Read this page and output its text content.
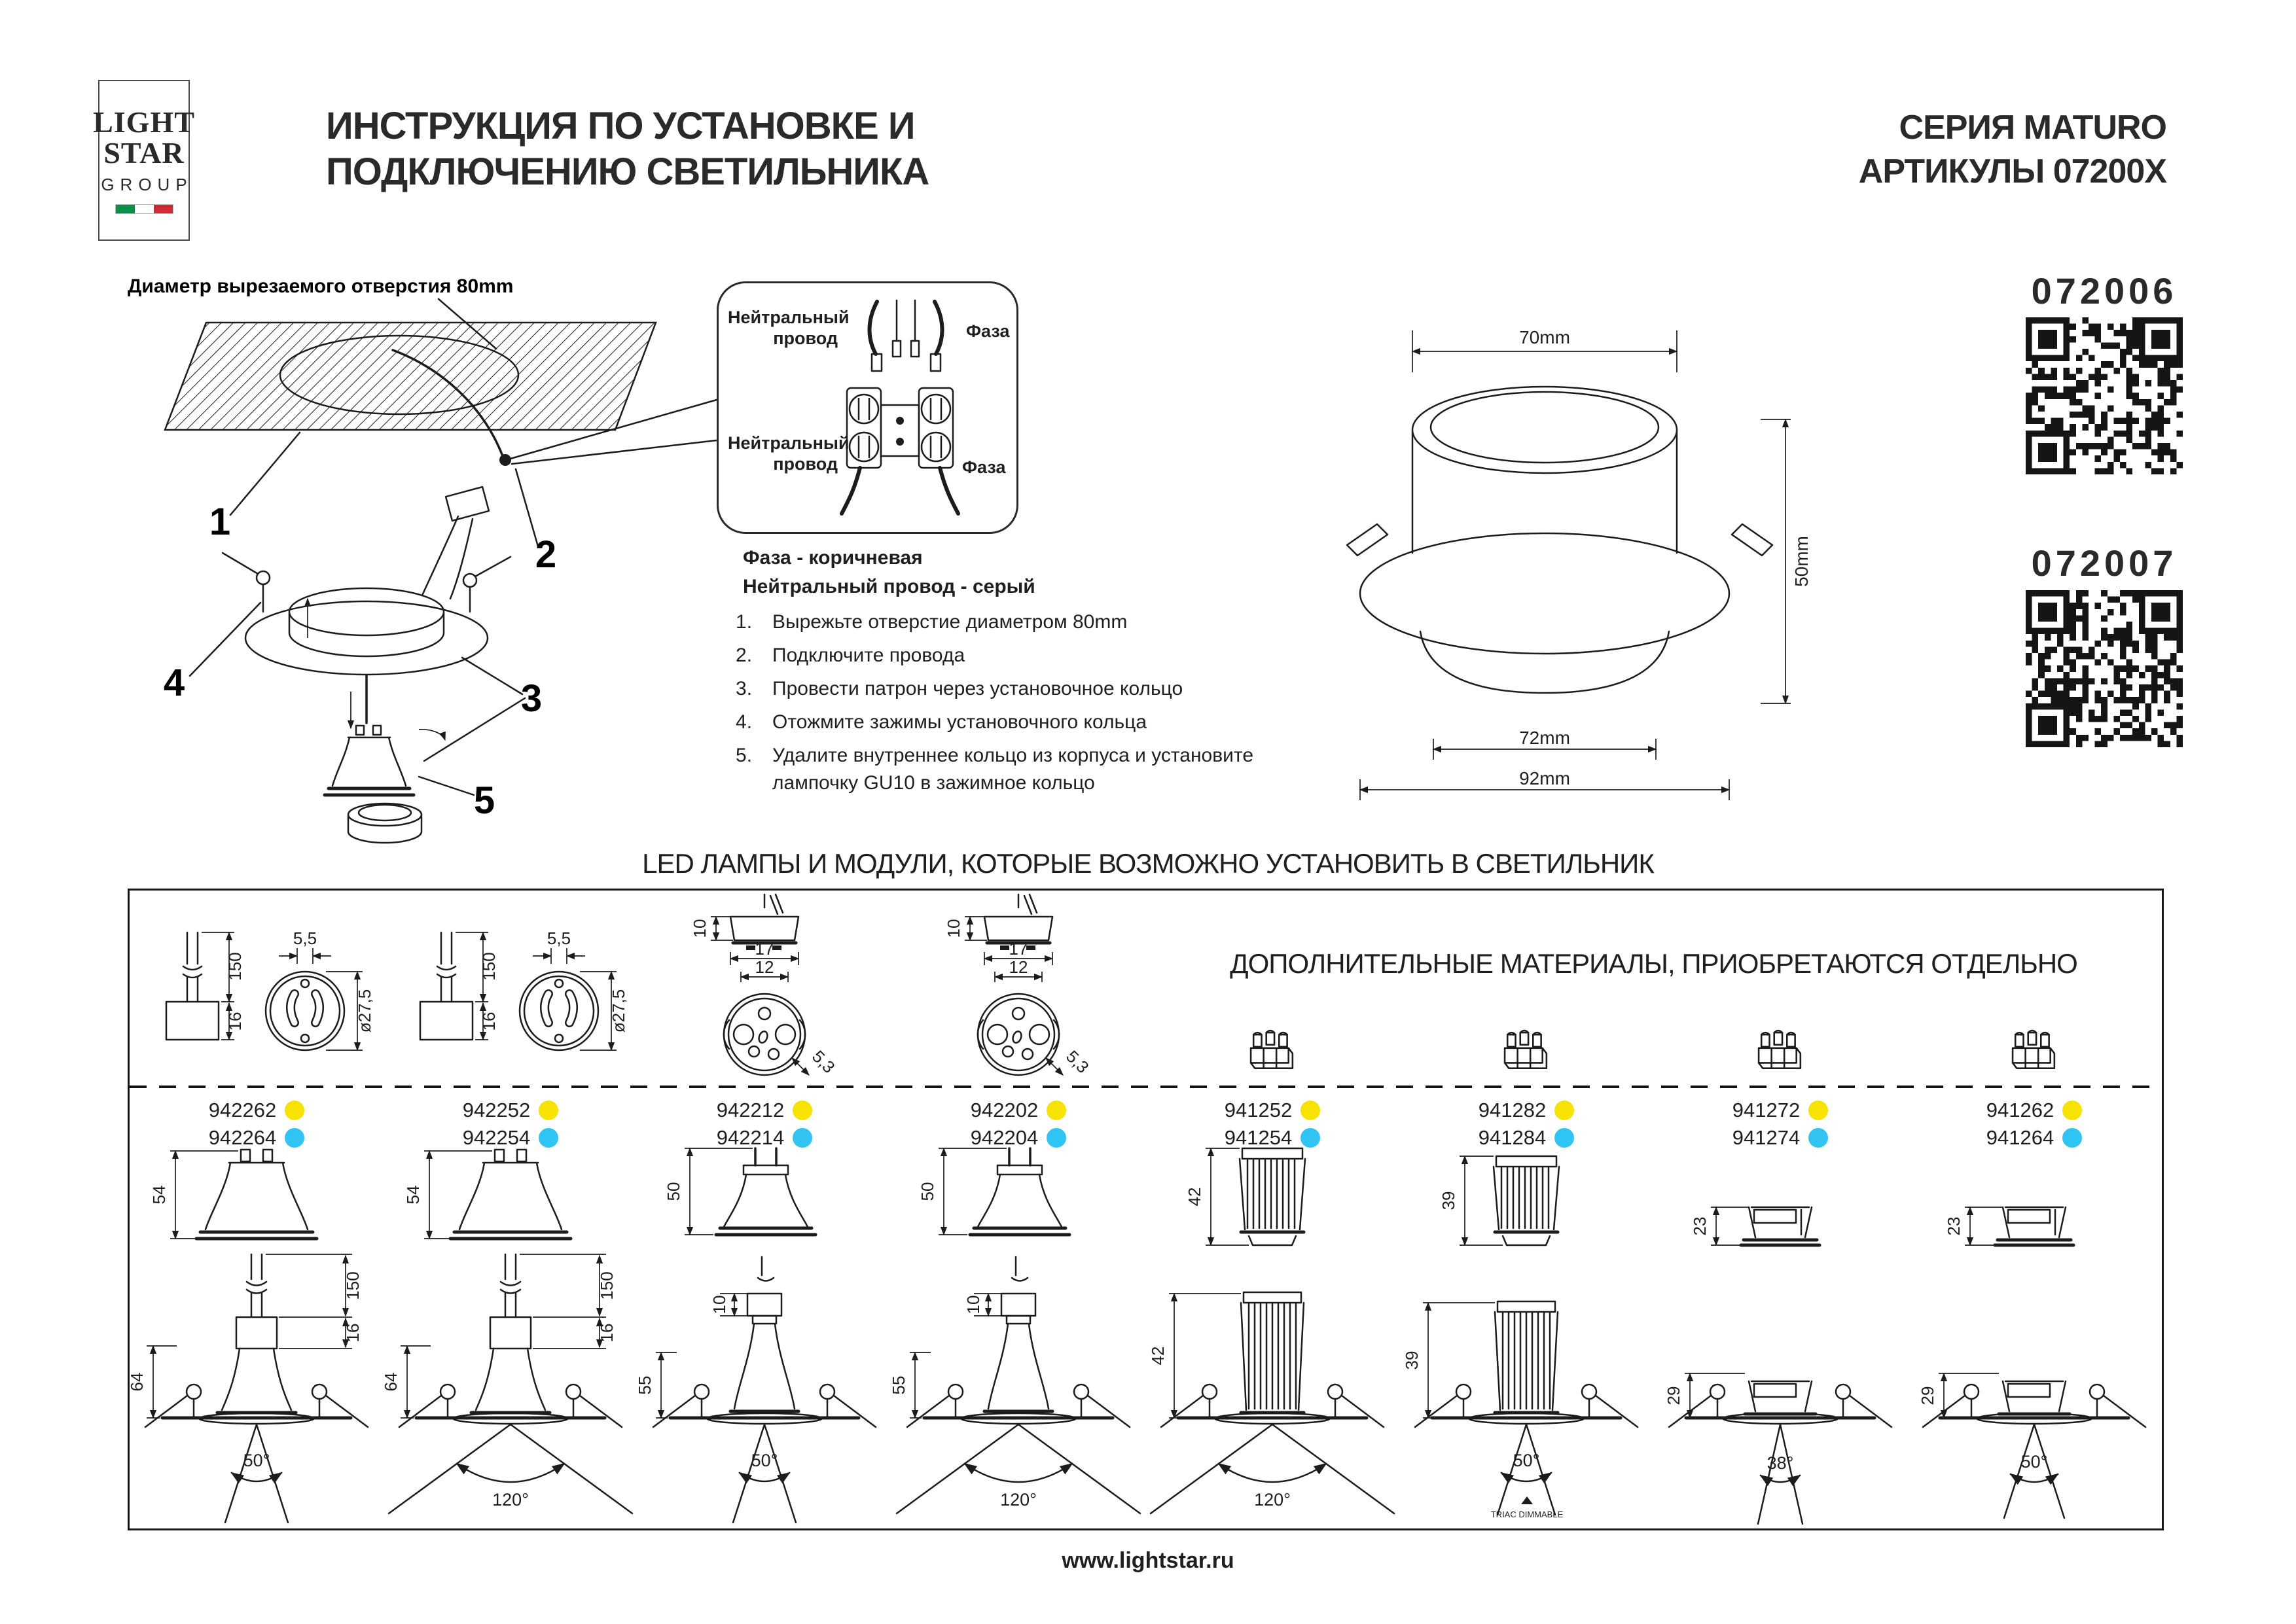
LIGHT
STAR
GROUP
ИНСТРУКЦИЯ ПО УСТАНОВКЕ И
ПОДКЛЮЧЕНИЮ СВЕТИЛЬНИКА
СЕРИЯ MATURO
АРТИКУЛЫ 07200X
Диаметр вырезаемого отверстия 80mm
1
2
4	3
5
Нейтральный провод	Фаза
Нейтральный провод	Фаза
Фаза - коричневая
Нейтральный провод - серый
Вырежьте отверстие диаметром 80mm
Подключите провода
Провести патрон через установочное кольцо
Отожмите зажимы установочного кольца
Удалите внутреннее кольцо из корпуса и установите лампочку GU10 в зажимное кольцо
70mm
50mm
72mm
92mm
072006
072007
LED ЛАМПЫ И МОДУЛИ, КОТОРЫЕ ВОЗМОЖНО УСТАНОВИТЬ В СВЕТИЛЬНИК
ДОПОЛНИТЕЛЬНЫЕ МАТЕРИАЛЫ, ПРИОБРЕТАЮТСЯ ОТДЕЛЬНО
150
16
5,5
ø27,5
942262
942264
54
50°
64
150
16
150
16
5,5
ø27,5
942252
942254
54
120°
64
150
16
10
17
12
5,3
942212
942214
50
50°
55
10
10
17
12
5,3
942202
942204
50
120°
55
10
941252
941254
42
120°
42
941282
941284
39
50°
TRIAC DIMMABLE
39
941272
941274
23
38°
29
941262
941264
23
50°
29
www.lightstar.ru
